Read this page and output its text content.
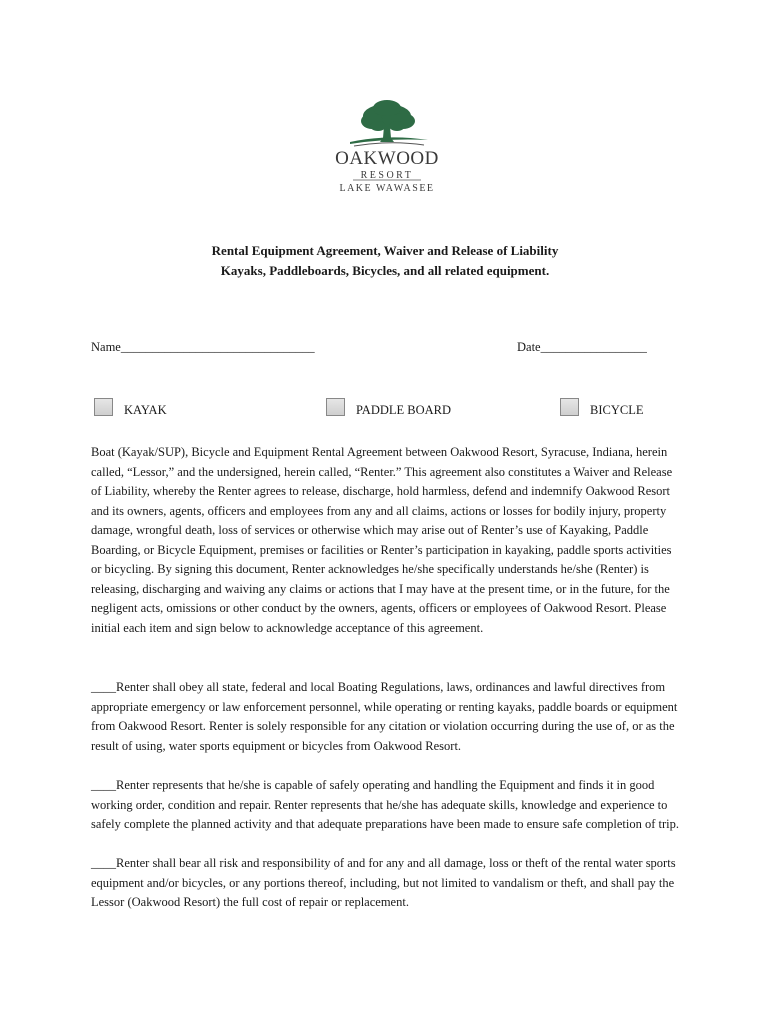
OAKWOOD
RESORT
LAKE WAWASEE
Rental Equipment Agreement, Waiver and Release of Liability
Kayaks, Paddleboards, Bicycles, and all related equipment.
Name_______________________________	Date_________________
KAYAK	PADDLE BOARD	BICYCLE
Boat (Kayak/SUP), Bicycle and Equipment Rental Agreement between Oakwood Resort, Syracuse, Indiana, herein called, “Lessor,” and the undersigned, herein called, “Renter.” This agreement also constitutes a Waiver and Release of Liability, whereby the Renter agrees to release, discharge, hold harmless, defend and indemnify Oakwood Resort and its owners, agents, officers and employees from any and all claims, actions or losses for bodily injury, property damage, wrongful death, loss of services or otherwise which may arise out of Renter’s use of Kayaking, Paddle Boarding, or Bicycle Equipment, premises or facilities or Renter’s participation in kayaking, paddle sports activities or bicycling. By signing this document, Renter acknowledges he/she specifically understands he/she (Renter) is releasing, discharging and waiving any claims or actions that I may have at the present time, or in the future, for the negligent acts, omissions or other conduct by the owners, agents, officers or employees of Oakwood Resort. Please initial each item and sign below to acknowledge acceptance of this agreement.
____Renter shall obey all state, federal and local Boating Regulations, laws, ordinances and lawful directives from appropriate emergency or law enforcement personnel, while operating or renting kayaks, paddle boards or equipment from Oakwood Resort. Renter is solely responsible for any citation or violation occurring during the use of, or as the result of using, water sports equipment or bicycles from Oakwood Resort.
____Renter represents that he/she is capable of safely operating and handling the Equipment and finds it in good working order, condition and repair. Renter represents that he/she has adequate skills, knowledge and experience to safely complete the planned activity and that adequate preparations have been made to ensure safe completion of trip.
____Renter shall bear all risk and responsibility of and for any and all damage, loss or theft of the rental water sports equipment and/or bicycles, or any portions thereof, including, but not limited to vandalism or theft, and shall pay the Lessor (Oakwood Resort) the full cost of repair or replacement.
